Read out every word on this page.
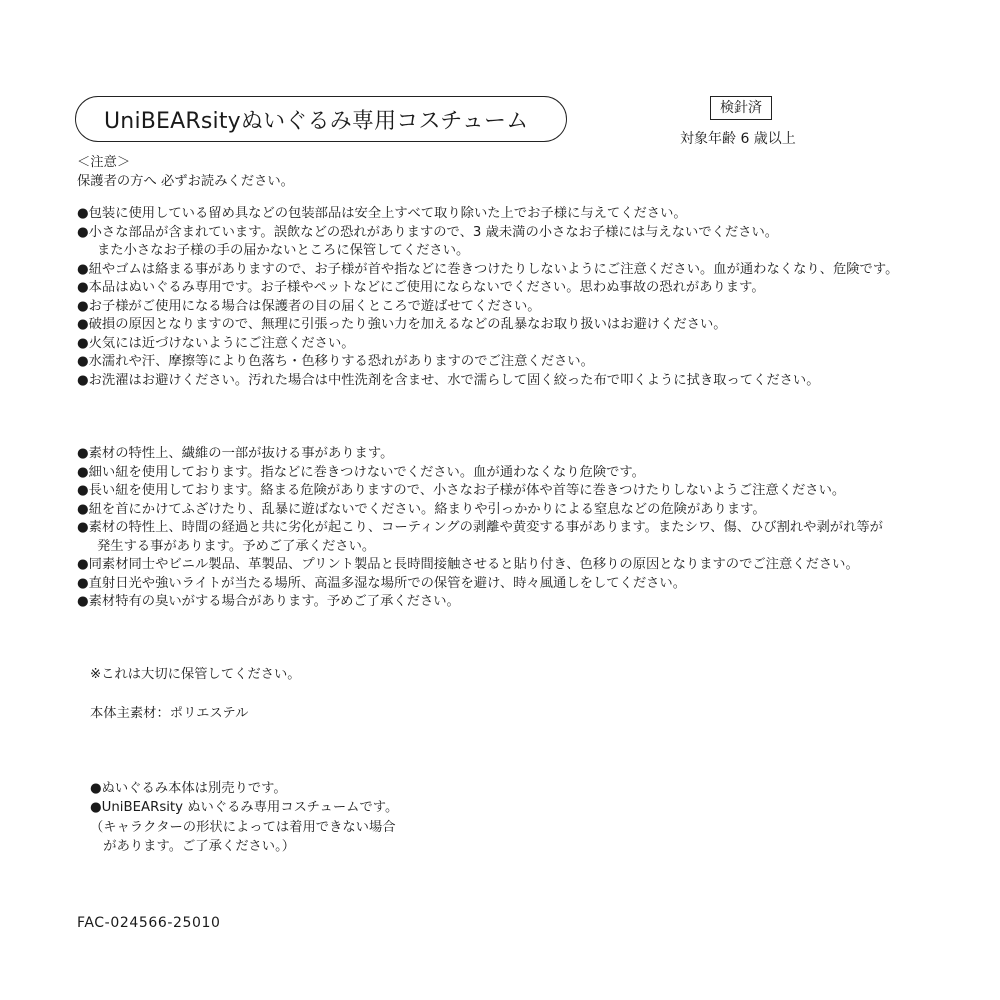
UniBEARsityぬいぐるみ専用コスチューム
検針済
対象年齢 6 歳以上
＜注意＞
保護者の方へ 必ずお読みください。
●包装に使用している留め具などの包装部品は安全上すべて取り除いた上でお子様に与えてください。
●小さな部品が含まれています。誤飲などの恐れがありますので、3 歳未満の小さなお子様には与えないでください。
また小さなお子様の手の届かないところに保管してください。
●紐やゴムは絡まる事がありますので、お子様が首や指などに巻きつけたりしないようにご注意ください。血が通わなくなり、危険です。
●本品はぬいぐるみ専用です。お子様やペットなどにご使用にならないでください。思わぬ事故の恐れがあります。
●お子様がご使用になる場合は保護者の目の届くところで遊ばせてください。
●破損の原因となりますので、無理に引張ったり強い力を加えるなどの乱暴なお取り扱いはお避けください。
●火気には近づけないようにご注意ください。
●水濡れや汗、摩擦等により色落ち・色移りする恐れがありますのでご注意ください。
●お洗濯はお避けください。汚れた場合は中性洗剤を含ませ、水で濡らして固く絞った布で叩くように拭き取ってください。
●素材の特性上、繊維の一部が抜ける事があります。
●細い紐を使用しております。指などに巻きつけないでください。血が通わなくなり危険です。
●長い紐を使用しております。絡まる危険がありますので、小さなお子様が体や首等に巻きつけたりしないようご注意ください。
●紐を首にかけてふざけたり、乱暴に遊ばないでください。絡まりや引っかかりによる窒息などの危険があります。
●素材の特性上、時間の経過と共に劣化が起こり、コーティングの剥離や黄変する事があります。またシワ、傷、ひび割れや剥がれ等が
発生する事があります。予めご了承ください。
●同素材同士やビニル製品、革製品、プリント製品と長時間接触させると貼り付き、色移りの原因となりますのでご注意ください。
●直射日光や強いライトが当たる場所、高温多湿な場所での保管を避け、時々風通しをしてください。
●素材特有の臭いがする場合があります。予めご了承ください。
※これは大切に保管してください。
本体主素材：ポリエステル
●ぬいぐるみ本体は別売りです。
●UniBEARsity ぬいぐるみ専用コスチュームです。
（キャラクターの形状によっては着用できない場合
　があります。ご了承ください。）
FAC-024566-25010
